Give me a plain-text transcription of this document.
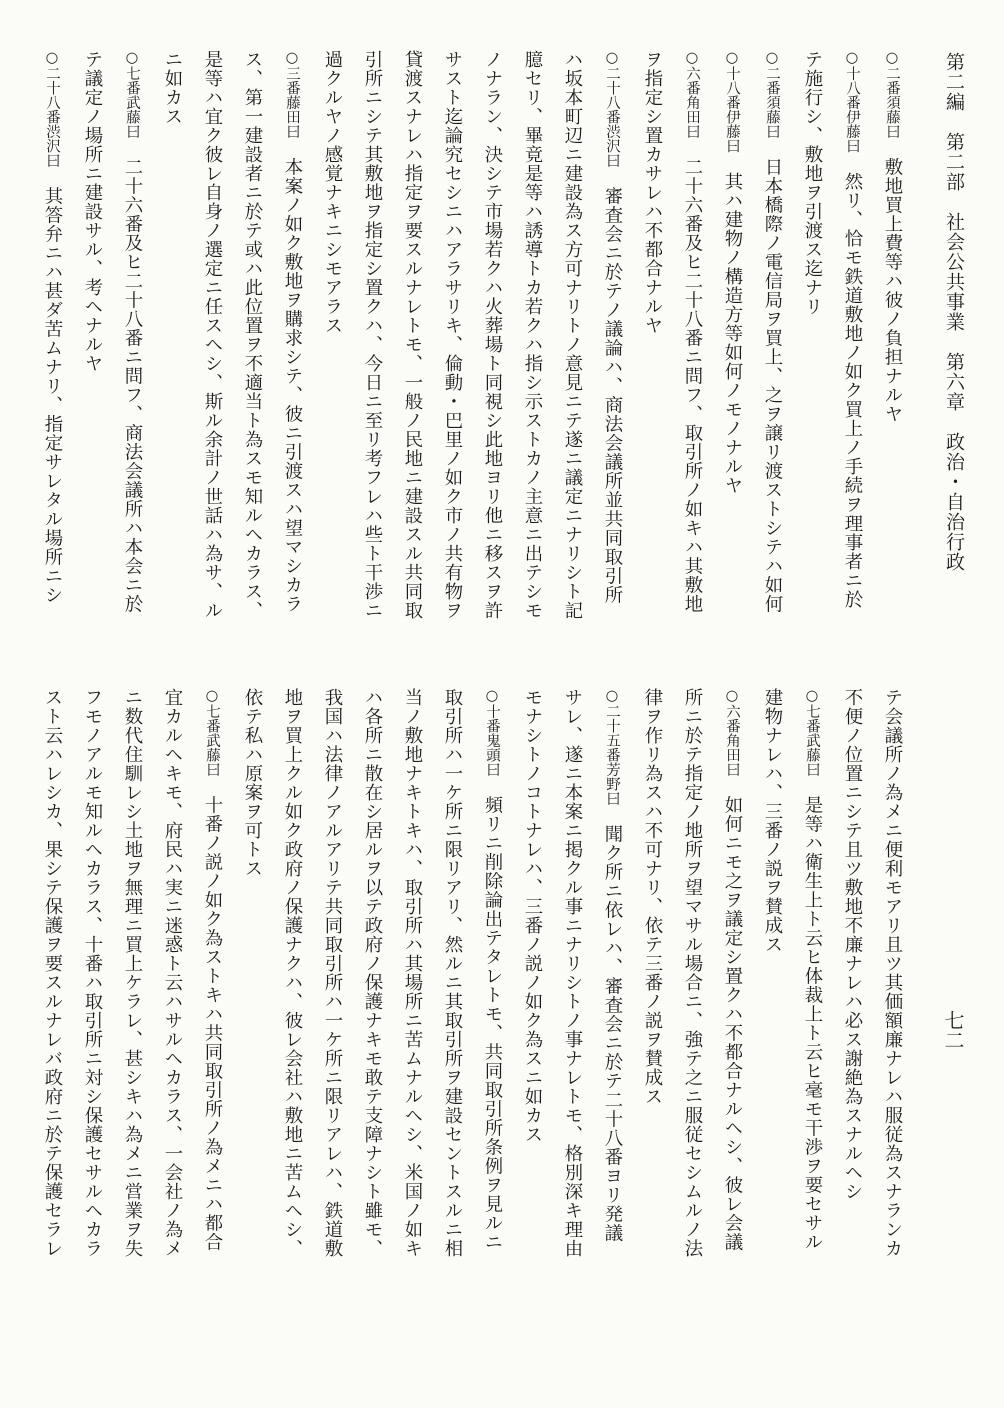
第二編　第二部　社会公共事業　第六章　政治・自治行政
七二
○二番須藤曰　敷地買上費等ハ彼ノ負担ナルヤ
○十八番伊藤曰　然リ、恰モ鉄道敷地ノ如ク買上ノ手続ヲ理事者ニ於
テ施行シ、敷地ヲ引渡ス迄ナリ
○二番須藤曰　日本橋際ノ電信局ヲ買上、之ヲ譲リ渡ストシテハ如何
○十八番伊藤曰　其ハ建物ノ構造方等如何ノモノナルヤ
○六番角田曰　二十六番及ヒ二十八番ニ問フ、取引所ノ如キハ其敷地
ヲ指定シ置カサレハ不都合ナルヤ
○二十八番渋沢曰　審査会ニ於テノ議論ハ、商法会議所並共同取引所
ハ坂本町辺ニ建設為ス方可ナリトノ意見ニテ遂ニ議定ニナリシト記
臆セリ、畢竟是等ハ誘導トカ若クハ指シ示ストカノ主意ニ出テシモ
ノナラン、決シテ市場若クハ火葬場ト同視シ此地ヨリ他ニ移スヲ許
サスト迄論究セシニハアラサリキ、倫動・巴里ノ如ク市ノ共有物ヲ
貸渡スナレハ指定ヲ要スルナレトモ、一般ノ民地ニ建設スル共同取
引所ニシテ其敷地ヲ指定シ置クハ、今日ニ至リ考フレハ些ト干渉ニ
過クルヤノ感覚ナキニシモアラス
○三番藤田曰　本案ノ如ク敷地ヲ購求シテ、彼ニ引渡スハ望マシカラ
ス、第一建設者ニ於テ或ハ此位置ヲ不適当ト為スモ知ルヘカラス、
是等ハ宜ク彼レ自身ノ選定ニ任スヘシ、斯ル余計ノ世話ハ為サ、ル
ニ如カス
○七番武藤曰　二十六番及ヒ二十八番ニ問フ、商法会議所ハ本会ニ於
テ議定ノ場所ニ建設サル、考ヘナルヤ
○二十八番渋沢曰　其答弁ニハ甚ダ苦ムナリ、指定サレタル場所ニシ
テ会議所ノ為メニ便利モアリ且ツ其価額廉ナレハ服従為スナランカ
不便ノ位置ニシテ且ツ敷地不廉ナレハ必ス謝絶為スナルヘシ
○七番武藤曰　是等ハ衛生上ト云ヒ体裁上ト云ヒ毫モ干渉ヲ要セサル
建物ナレハ、三番ノ説ヲ賛成ス
○六番角田曰　如何ニモ之ヲ議定シ置クハ不都合ナルヘシ、彼レ会議
所ニ於テ指定ノ地所ヲ望マサル場合ニ、強テ之ニ服従セシムルノ法
律ヲ作リ為スハ不可ナリ、依テ三番ノ説ヲ賛成ス
○二十五番芳野曰　聞ク所ニ依レハ、審査会ニ於テ二十八番ヨリ発議
サレ、遂ニ本案ニ掲クル事ニナリシトノ事ナレトモ、格別深キ理由
モナシトノコトナレハ、三番ノ説ノ如ク為スニ如カス
○十番鬼頭曰　頻リニ削除論出テタレトモ、共同取引所条例ヲ見ルニ
取引所ハ一ケ所ニ限リアリ、然ルニ其取引所ヲ建設セントスルニ相
当ノ敷地ナキトキハ、取引所ハ其場所ニ苦ムナルヘシ、米国ノ如キ
ハ各所ニ散在シ居ルヲ以テ政府ノ保護ナキモ敢テ支障ナシト雖モ、
我国ハ法律ノアルアリテ共同取引所ハ一ケ所ニ限リアレハ、鉄道敷
地ヲ買上クル如ク政府ノ保護ナクハ、彼レ会社ハ敷地ニ苦ムヘシ、
依テ私ハ原案ヲ可トス
○七番武藤曰　十番ノ説ノ如ク為ストキハ共同取引所ノ為メニハ都合
宜カルヘキモ、府民ハ実ニ迷惑ト云ハサルヘカラス、一会社ノ為メ
ニ数代住馴レシ土地ヲ無理ニ買上ケラレ、甚シキハ為メニ営業ヲ失
フモノアルモ知ルヘカラス、十番ハ取引所ニ対シ保護セサルヘカラ
スト云ハレシカ、果シテ保護ヲ要スルナレバ政府ニ於テ保護セラレ
